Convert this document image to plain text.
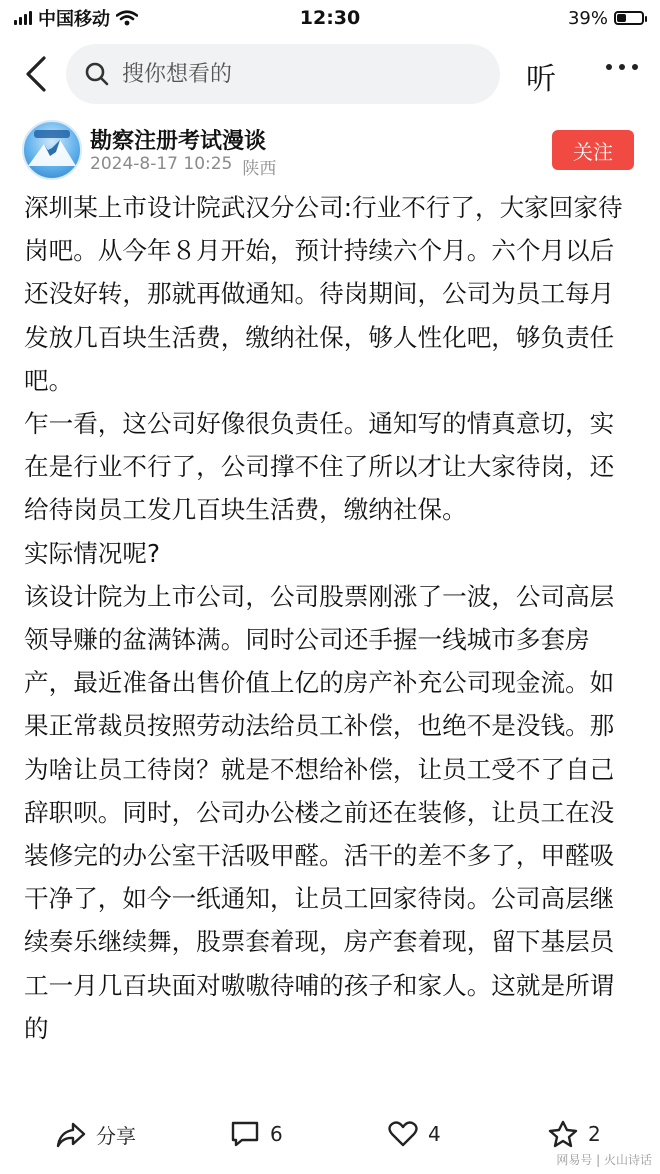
中国移动	12:30	39%
搜你想看的
听
勘察注册考试漫谈
2024-8-17 10:25 陕西
关注

深圳某上市设计院武汉分公司:行业不行了，大家回家待岗吧。从今年８月开始，预计持续六个月。六个月以后还没好转，那就再做通知。待岗期间，公司为员工每月发放几百块生活费，缴纳社保，够人性化吧，够负责任吧。

乍一看，这公司好像很负责任。通知写的情真意切，实在是行业不行了，公司撑不住了所以才让大家待岗，还给待岗员工发几百块生活费，缴纳社保。

实际情况呢?

该设计院为上市公司，公司股票刚涨了一波，公司高层领导赚的盆满钵满。同时公司还手握一线城市多套房产，最近准备出售价值上亿的房产补充公司现金流。如果正常裁员按照劳动法给员工补偿，也绝不是没钱。那为啥让员工待岗？就是不想给补偿，让员工受不了自己辞职呗。同时，公司办公楼之前还在装修，让员工在没装修完的办公室干活吸甲醛。活干的差不多了，甲醛吸干净了，如今一纸通知，让员工回家待岗。公司高层继续奏乐继续舞，股票套着现，房产套着现，留下基层员工一月几百块面对嗷嗷待哺的孩子和家人。这就是所谓的

分享	6	4	2
网易号 | 火山诗话
